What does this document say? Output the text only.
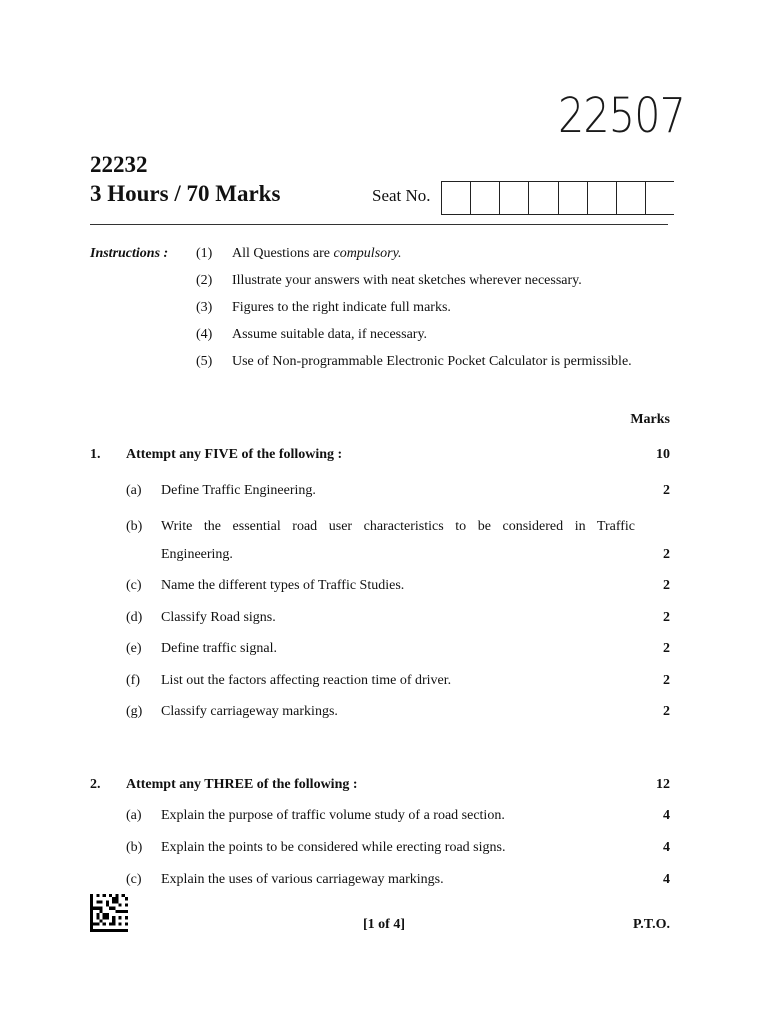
22507
22232
3 Hours / 70 Marks	Seat No.
Instructions : (1) All Questions are compulsory.
(2) Illustrate your answers with neat sketches wherever necessary.
(3) Figures to the right indicate full marks.
(4) Assume suitable data, if necessary.
(5) Use of Non-programmable Electronic Pocket Calculator is permissible.
Marks
1. Attempt any FIVE of the following :	10
(a) Define Traffic Engineering.	2
(b) Write the essential road user characteristics to be considered in Traffic
Engineering.	2
(c) Name the different types of Traffic Studies.	2
(d) Classify Road signs.	2
(e) Define traffic signal.	2
(f) List out the factors affecting reaction time of driver.	2
(g) Classify carriageway markings.	2
2. Attempt any THREE of the following :	12
(a) Explain the purpose of traffic volume study of a road section.	4
(b) Explain the points to be considered while erecting road signs.	4
(c) Explain the uses of various carriageway markings.	4
[1 of 4]	P.T.O.
